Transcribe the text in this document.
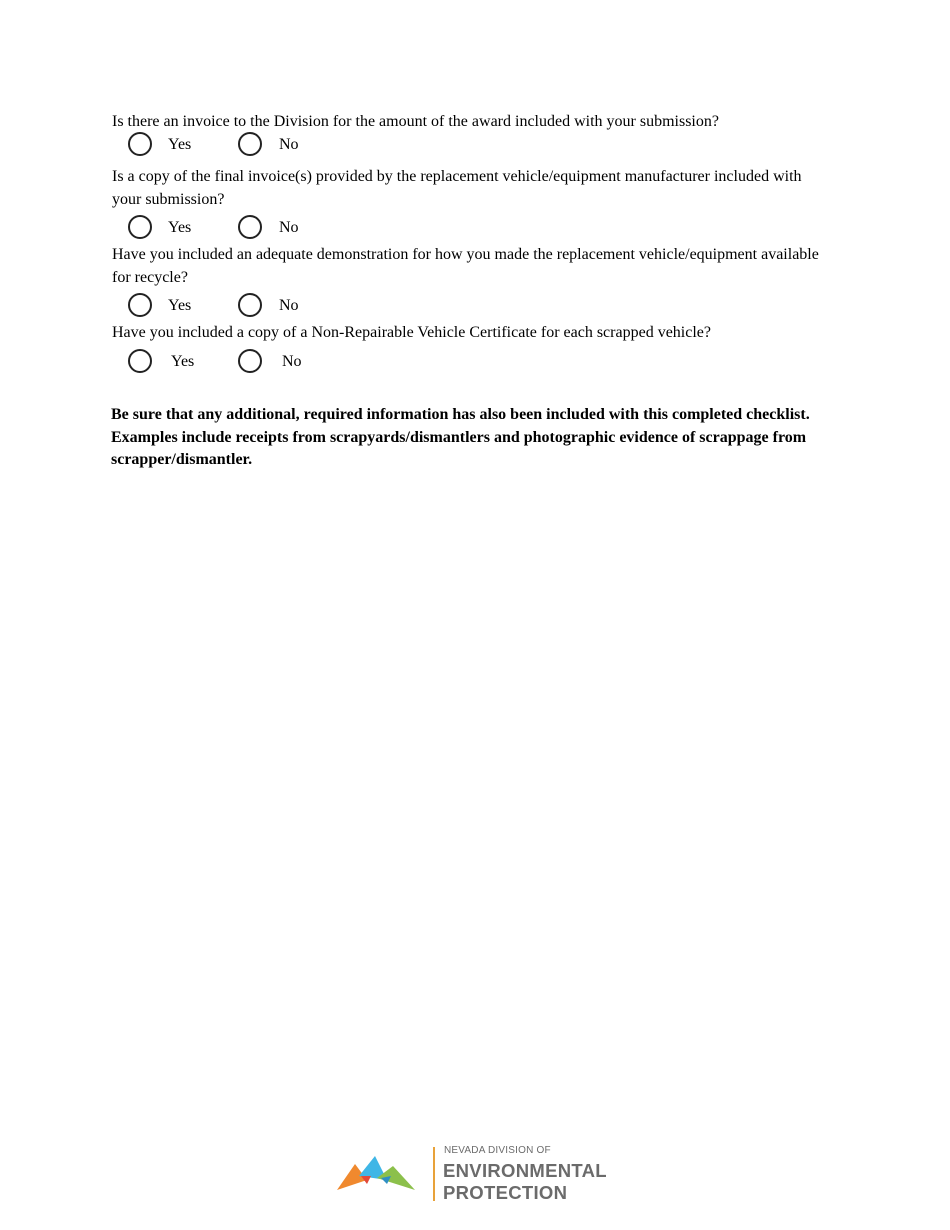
Is there an invoice to the Division for the amount of the award included with your submission?

Yes	No

Is a copy of the final invoice(s) provided by the replacement vehicle/equipment manufacturer included with your submission?

Yes	No

Have you included an adequate demonstration for how you made the replacement vehicle/equipment available for recycle?

Yes	No

Have you included a copy of a Non-Repairable Vehicle Certificate for each scrapped vehicle?

Yes	No

Be sure that any additional, required information has also been included with this completed checklist. Examples include receipts from scrapyards/dismantlers and photographic evidence of scrappage from scrapper/dismantler.

NEVADA DIVISION OF
ENVIRONMENTAL
PROTECTION
